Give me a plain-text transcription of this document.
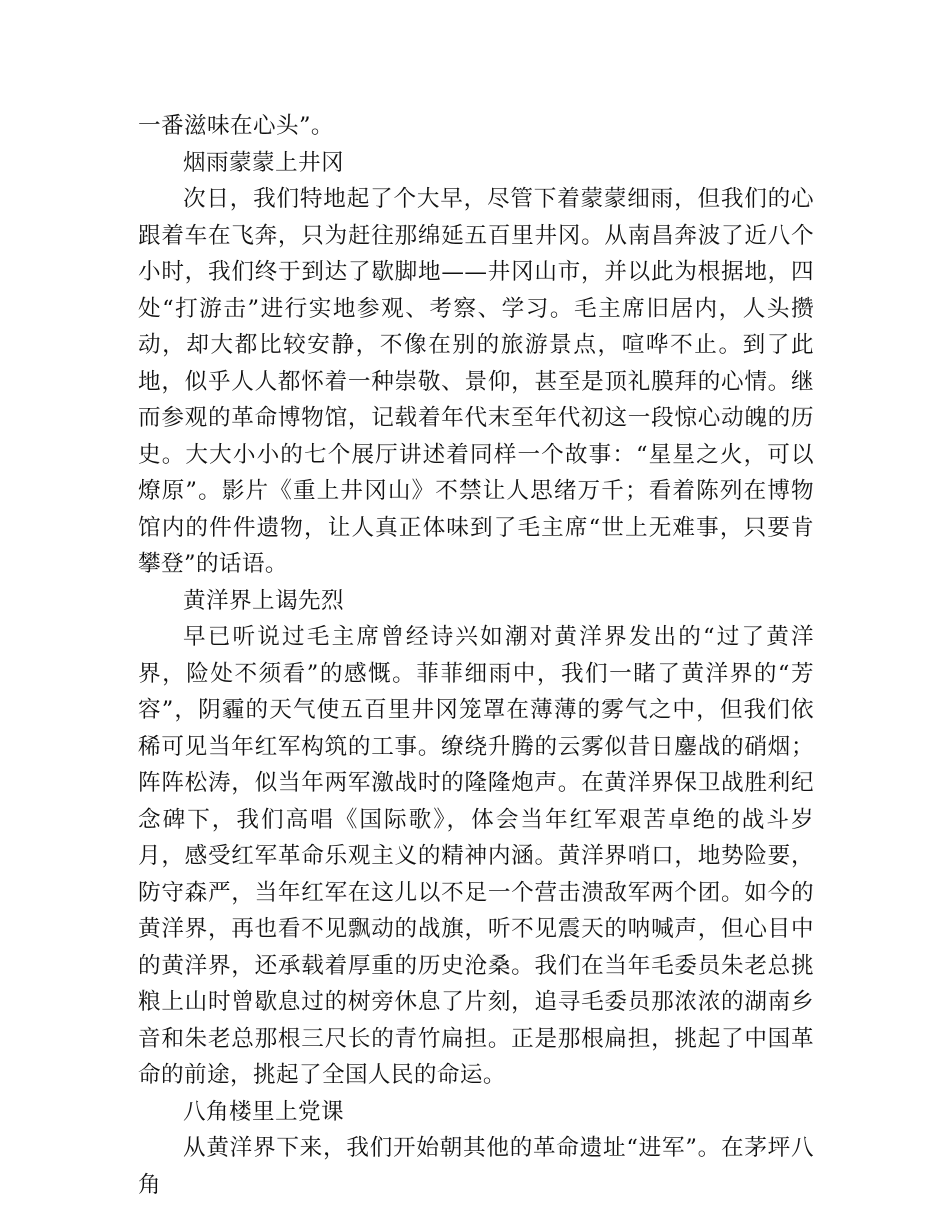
一番滋味在心头”。

烟雨蒙蒙上井冈

次日，我们特地起了个大早，尽管下着蒙蒙细雨，但我们的心跟着车在飞奔，只为赶往那绵延五百里井冈。从南昌奔波了近八个小时，我们终于到达了歇脚地——井冈山市，并以此为根据地，四处“打游击”进行实地参观、考察、学习。毛主席旧居内，人头攒动，却大都比较安静，不像在别的旅游景点，喧哗不止。到了此地，似乎人人都怀着一种崇敬、景仰，甚至是顶礼膜拜的心情。继而参观的革命博物馆，记载着年代末至年代初这一段惊心动魄的历史。大大小小的七个展厅讲述着同样一个故事：“星星之火，可以燎原”。影片《重上井冈山》不禁让人思绪万千；看着陈列在博物馆内的件件遗物，让人真正体味到了毛主席“世上无难事，只要肯攀登”的话语。

黄洋界上谒先烈

早已听说过毛主席曾经诗兴如潮对黄洋界发出的“过了黄洋界，险处不须看”的感慨。菲菲细雨中，我们一睹了黄洋界的“芳容”，阴霾的天气使五百里井冈笼罩在薄薄的雾气之中，但我们依稀可见当年红军构筑的工事。缭绕升腾的云雾似昔日鏖战的硝烟；阵阵松涛，似当年两军激战时的隆隆炮声。在黄洋界保卫战胜利纪念碑下，我们高唱《国际歌》，体会当年红军艰苦卓绝的战斗岁月，感受红军革命乐观主义的精神内涵。黄洋界哨口，地势险要，防守森严，当年红军在这儿以不足一个营击溃敌军两个团。如今的黄洋界，再也看不见飘动的战旗，听不见震天的呐喊声，但心目中的黄洋界，还承载着厚重的历史沧桑。我们在当年毛委员朱老总挑粮上山时曾歇息过的树旁休息了片刻，追寻毛委员那浓浓的湖南乡音和朱老总那根三尺长的青竹扁担。正是那根扁担，挑起了中国革命的前途，挑起了全国人民的命运。

八角楼里上党课

从黄洋界下来，我们开始朝其他的革命遗址“进军”。在茅坪八角
